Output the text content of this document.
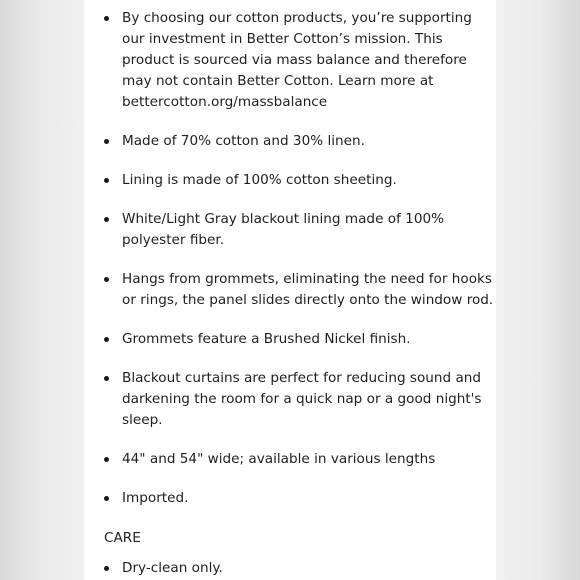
By choosing our cotton products, you’re supporting
our investment in Better Cotton’s mission. This
product is sourced via mass balance and therefore
may not contain Better Cotton. Learn more at
bettercotton.org/massbalance
Made of 70% cotton and 30% linen.
Lining is made of 100% cotton sheeting.
White/Light Gray blackout lining made of 100%
polyester fiber.
Hangs from grommets, eliminating the need for hooks
or rings, the panel slides directly onto the window rod.
Grommets feature a Brushed Nickel finish.
Blackout curtains are perfect for reducing sound and
darkening the room for a quick nap or a good night's
sleep.
44" and 54" wide; available in various lengths
Imported.
CARE
Dry-clean only.
